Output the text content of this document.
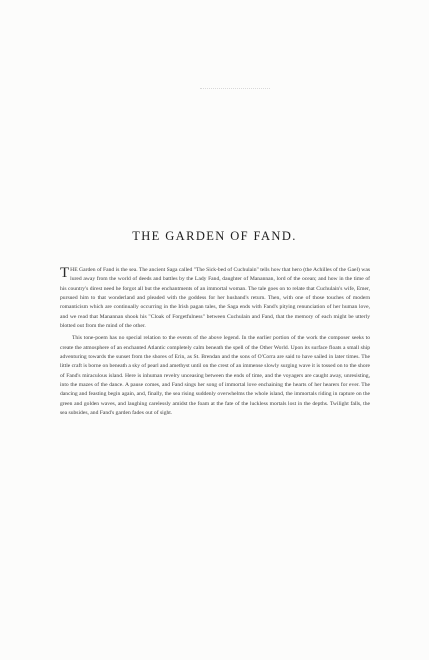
THE GARDEN OF FAND.

THE Garden of Fand is the sea. The ancient Saga called "The Sick-bed of Cuchulain" tells how that hero (the Achilles of the Gael) was lured away from the world of deeds and battles by the Lady Fand, daughter of Manannan, lord of the ocean; and how in the time of his country's direst need he forgot all but the enchantments of an immortal woman. The tale goes on to relate that Cuchulain's wife, Emer, pursued him to that wonderland and pleaded with the goddess for her husband's return. Then, with one of those touches of modern romanticism which are continually occurring in the Irish pagan tales, the Saga ends with Fand's pitying renunciation of her human love, and we read that Manannan shook his "Cloak of Forgetfulness" between Cuchulain and Fand, that the memory of each might be utterly blotted out from the mind of the other.

This tone-poem has no special relation to the events of the above legend. In the earlier portion of the work the composer seeks to create the atmosphere of an enchanted Atlantic completely calm beneath the spell of the Other World. Upon its surface floats a small ship adventuring towards the sunset from the shores of Erin, as St. Brendan and the sons of O'Corra are said to have sailed in later times. The little craft is borne on beneath a sky of pearl and amethyst until on the crest of an immense slowly surging wave it is tossed on to the shore of Fand's miraculous island. Here is inhuman revelry unceasing between the ends of time, and the voyagers are caught away, unresisting, into the mazes of the dance. A pause comes, and Fand sings her song of immortal love enchaining the hearts of her hearers for ever. The dancing and feasting begin again, and, finally, the sea rising suddenly overwhelms the whole island, the immortals riding in rapture on the green and golden waves, and laughing carelessly amidst the foam at the fate of the luckless mortals lost in the depths. Twilight falls, the sea subsides, and Fand's garden fades out of sight.
